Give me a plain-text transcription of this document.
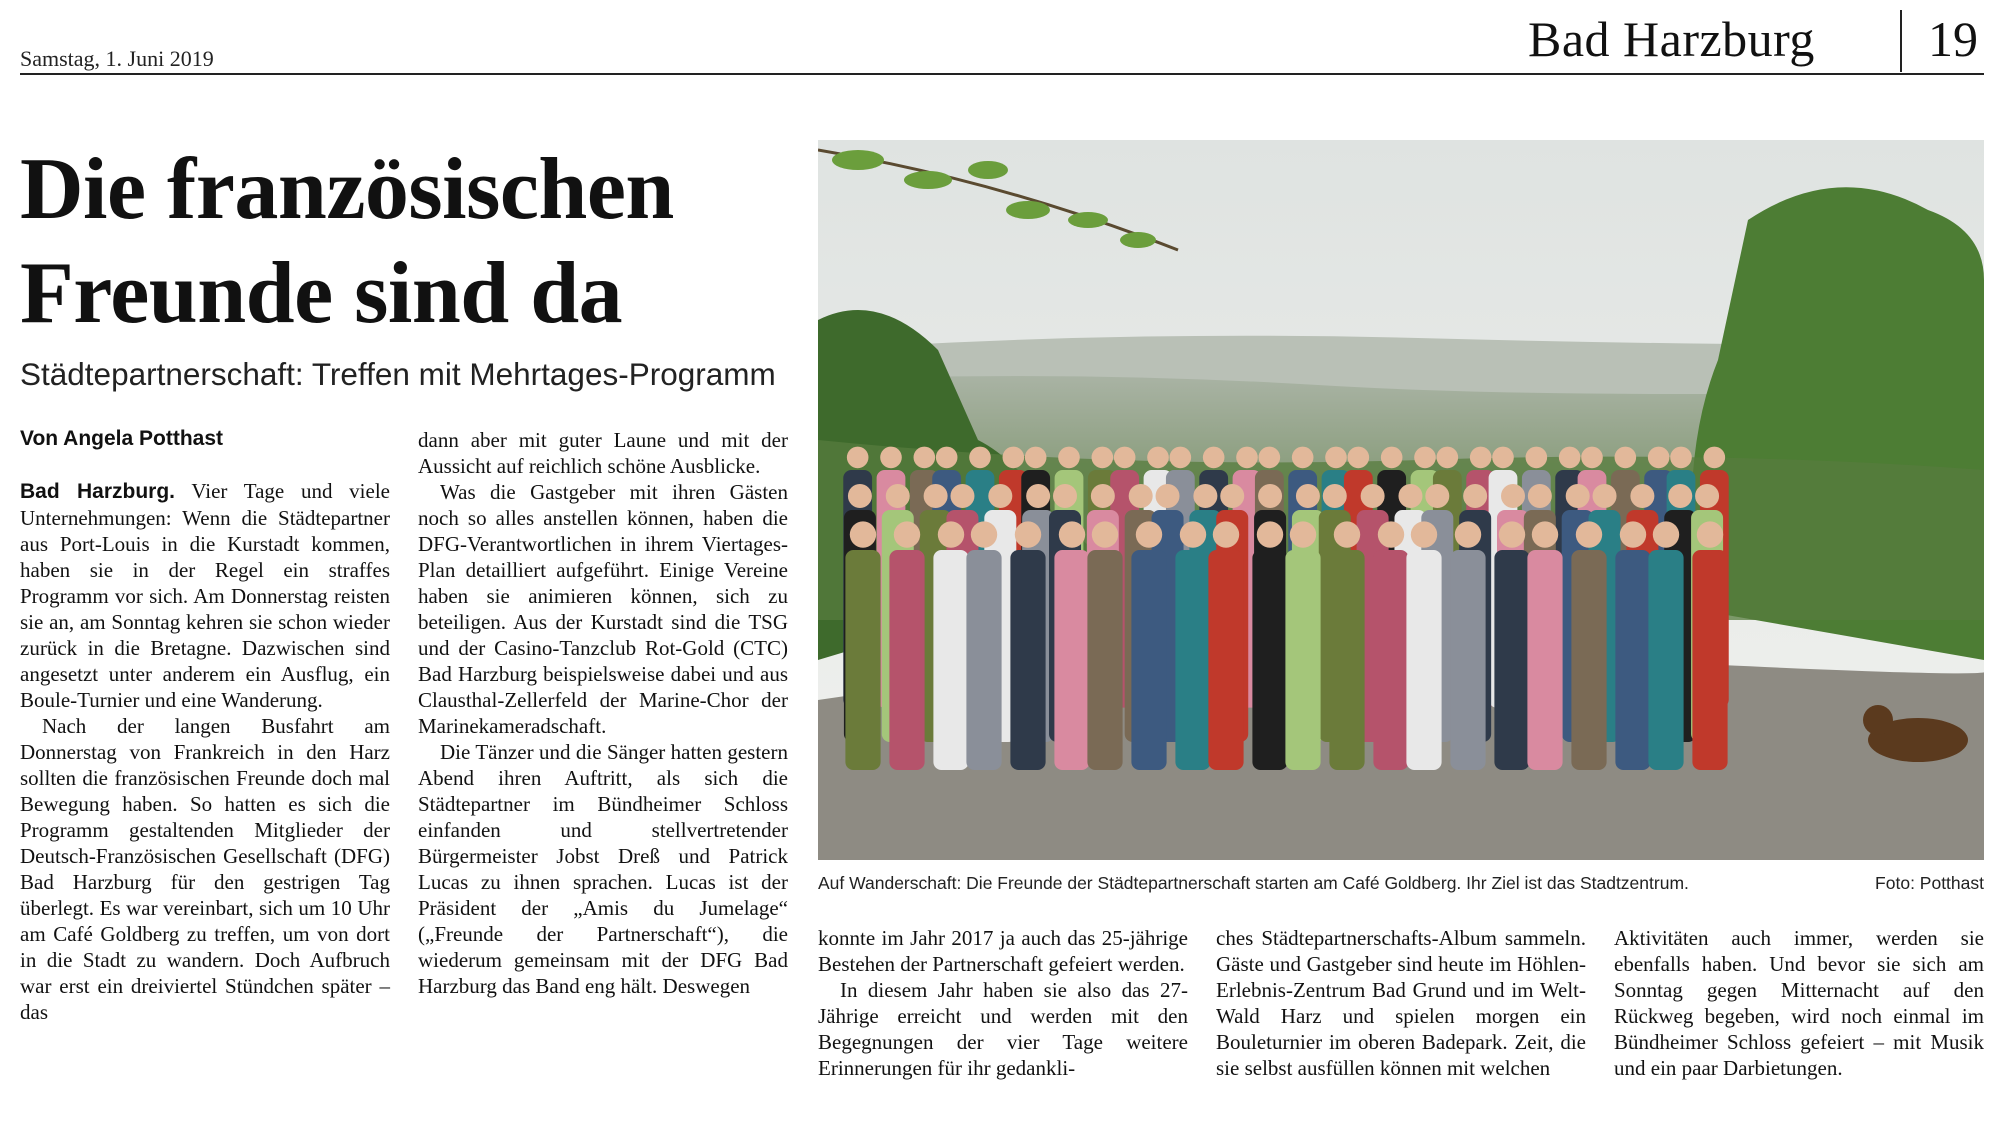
Samstag, 1. Juni 2019	Bad Harzburg 19
Die französischen
Freunde sind da
Städtepartnerschaft: Treffen mit Mehrtages-Programm
Von Angela Potthast

Bad Harzburg. Vier Tage und viele Unternehmungen: Wenn die Städtepartner aus Port-Louis in die Kurstadt kommen, haben sie in der Regel ein straffes Programm vor sich. Am Donnerstag reisten sie an, am Sonntag kehren sie schon wieder zurück in die Bretagne. Dazwischen sind angesetzt unter anderem ein Ausflug, ein Boule-Turnier und eine Wanderung.

Nach der langen Busfahrt am Donnerstag von Frankreich in den Harz sollten die französischen Freunde doch mal Bewegung haben. So hatten es sich die Programm gestaltenden Mitglieder der Deutsch-Französischen Gesellschaft (DFG) Bad Harzburg für den gestrigen Tag überlegt. Es war vereinbart, sich um 10 Uhr am Café Goldberg zu treffen, um von dort in die Stadt zu wandern. Doch Aufbruch war erst ein dreiviertel Stündchen später – das

dann aber mit guter Laune und mit der Aussicht auf reichlich schöne Ausblicke.

Was die Gastgeber mit ihren Gästen noch so alles anstellen können, haben die DFG-Verantwortlichen in ihrem Viertages-Plan detailliert aufgeführt. Einige Vereine haben sie animieren können, sich zu beteiligen. Aus der Kurstadt sind die TSG und der Casino-Tanzclub Rot-Gold (CTC) Bad Harzburg beispielsweise dabei und aus Clausthal-Zellerfeld der Marine-Chor der Marinekameradschaft.

Die Tänzer und die Sänger hatten gestern Abend ihren Auftritt, als sich die Städtepartner im Bündheimer Schloss einfanden und stellvertretender Bürgermeister Jobst Dreß und Patrick Lucas zu ihnen sprachen. Lucas ist der Präsident der „Amis du Jumelage“ („Freunde der Partnerschaft“), die wiederum gemeinsam mit der DFG Bad Harzburg das Band eng hält. Deswegen

konnte im Jahr 2017 ja auch das 25-jährige Bestehen der Partnerschaft gefeiert werden.

In diesem Jahr haben sie also das 27-Jährige erreicht und werden mit den Begegnungen der vier Tage weitere Erinnerungen für ihr gedankli-

ches Städtepartnerschafts-Album sammeln. Gäste und Gastgeber sind heute im Höhlen-Erlebnis-Zentrum Bad Grund und im Welt-Wald Harz und spielen morgen ein Bouleturnier im oberen Badepark. Zeit, die sie selbst ausfüllen können mit welchen

Aktivitäten auch immer, werden sie ebenfalls haben. Und bevor sie sich am Sonntag gegen Mitternacht auf den Rückweg begeben, wird noch einmal im Bündheimer Schloss gefeiert – mit Musik und ein paar Darbietungen.

Auf Wanderschaft: Die Freunde der Städtepartnerschaft starten am Café Goldberg. Ihr Ziel ist das Stadtzentrum.	Foto: Potthast
